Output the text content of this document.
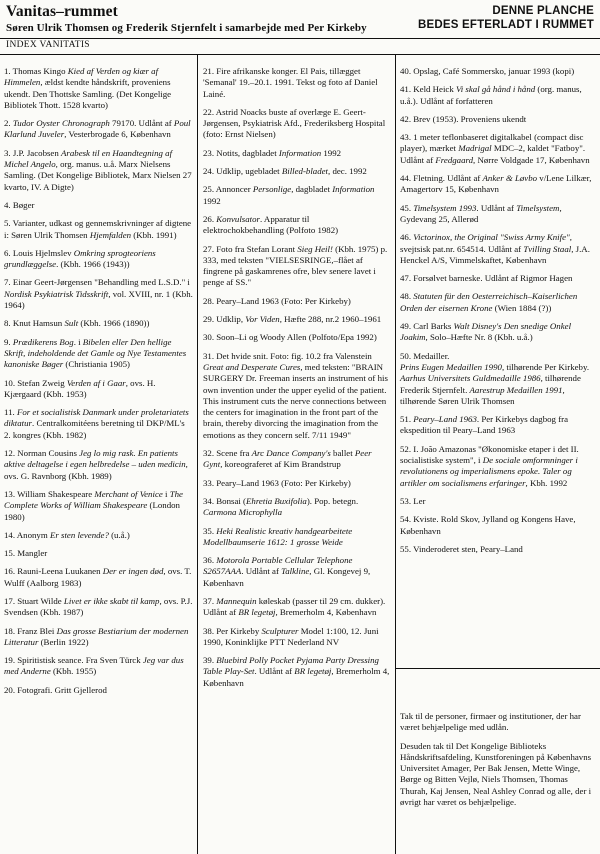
Vanitas–rummet
Søren Ulrik Thomsen og Frederik Stjernfelt i samarbejde med Per Kirkeby
DENNE PLANCHE
BEDES EFTERLADT I RUMMET
INDEX VANITATIS
1. Thomas Kingo Kied af Verden og kiær af Himmelen, ældst kendte håndskrift, proveniens ukendt. Den Thottske Samling. (Det Kongelige Bibliotek Thott. 1528 kvarto)
2. Tudor Oyster Chronograph 79170. Udlånt af Poul Klarlund Juveler, Vesterbrogade 6, København
3. J.P. Jacobsen Arabesk til en Haandtegning af Michel Angelo, org. manus. u.å. Marx Nielsens Samling. (Det Kongelige Bibliotek, Marx Nielsen 27 kvarto, IV. A Digte)
4. Bøger
5. Varianter, udkast og gennemskrivninger af digtene i: Søren Ulrik Thomsen Hjemfalden (Kbh. 1991)
6. Louis Hjelmslev Omkring sprogteoriens grundlæggelse. (Kbh. 1966 (1943))
7. Einar Geert-Jørgensen "Behandling med L.S.D." i Nordisk Psykiatrisk Tidsskrift, vol. XVIII, nr. 1 (Kbh. 1964)
8. Knut Hamsun Sult (Kbh. 1966 (1890))
9. Prædikerens Bog. i Bibelen eller Den hellige Skrift, indeholdende det Gamle og Nye Testamentes kanoniske Bøger (Christiania 1905)
10. Stefan Zweig Verden af i Gaar, ovs. H. Kjærgaard (Kbh. 1953)
11. For et socialistisk Danmark under proletariatets diktatur. Centralkomitéens beretning til DKP/ML's 2. kongres (Kbh. 1982)
12. Norman Cousins Jeg lo mig rask. En patients aktive deltagelse i egen helbredelse – uden medicin, ovs. G. Ravnborg (Kbh. 1989)
13. William Shakespeare Merchant of Venice i The Complete Works of William Shakespeare (London 1980)
14. Anonym Er sten levende? (u.å.)
15. Mangler
16. Rauni-Leena Luukanen Der er ingen død, ovs. T. Wulff (Aalborg 1983)
17. Stuart Wilde Livet er ikke skabt til kamp, ovs. P.J. Svendsen (Kbh. 1987)
18. Franz Blei Das grosse Bestiarium der modernen Litteratur (Berlin 1922)
19. Spiritistisk seance. Fra Sven Türck Jeg var dus med Anderne (Kbh. 1955)
20. Fotografi. Gritt Gjellerod
21. Fire afrikanske konger. El Pais, tillægget 'Semanal' 19.–20.1. 1991. Tekst og foto af Daniel Lainé.
22. Astrid Noacks buste af overlæge E. Geert-Jørgensen, Psykiatrisk Afd., Frederiksberg Hospital (foto: Ernst Nielsen)
23. Notits, dagbladet Information 1992
24. Udklip, ugebladet Billed-bladet, dec. 1992
25. Annoncer Personlige, dagbladet Information 1992
26. Konvulsator. Apparatur til elektrochokbehandling (Polfoto 1982)
27. Foto fra Stefan Lorant Sieg Heil! (Kbh. 1975) p. 333, med teksten "VIELSESRINGE,–flået af fingrene på gaskamrenes ofre, blev senere lavet i penge af SS."
28. Peary–Land 1963 (Foto: Per Kirkeby)
29. Udklip, Vor Viden, Hæfte 288, nr.2 1960–1961
30. Soon–Li og Woody Allen (Polfoto/Epa 1992)
31. Det hvide snit. Foto: fig. 10.2 fra Valenstein Great and Desperate Cures, med teksten: "BRAIN SURGERY Dr. Freeman inserts an instrument of his own invention under the upper eyelid of the patient. This instrument cuts the nerve connections between the centers for imagination in the front part of the brain, thereby divorcing the imagination from the emotions as they concern self. 7/11 1949"
32. Scene fra Arc Dance Company's ballet Peer Gynt, koreograferet af Kim Brandstrup
33. Peary–Land 1963 (Foto: Per Kirkeby)
34. Bonsai (Ehretia Buxifolia). Pop. betegn. Carmona Microphylla
35. Heki Realistic kreativ handgearbeitete Modellbaumserie 1612: 1 grosse Weide
36. Motorola Portable Cellular Telephone S2657AAA. Udlånt af Talkline, Gl. Kongevej 9, København
37. Mannequin køleskab (passer til 29 cm. dukker). Udlånt af BR legetøj, Bremerholm 4, København
38. Per Kirkeby Sculpturer Model 1:100, 12. Juni 1990, Koninklijke PTT Nederland NV
39. Bluebird Polly Pocket Pyjama Party Dressing Table Play-Set. Udlånt af BR legetøj, Bremerholm 4, København
40. Opslag, Café Sommersko, januar 1993 (kopi)
41. Keld Heick Vi skal gå hånd i hånd (org. manus, u.å.). Udlånt af forfatteren
42. Brev (1953). Proveniens ukendt
43. 1 meter teflonbaseret digitalkabel (compact disc player), mærket Madrigal MDC–2, kaldet "Fatboy". Udlånt af Fredgaard, Nørre Voldgade 17, København
44. Fletning. Udlånt af Anker & Løvbo v/Lene Lilkær, Amagertorv 15, København
45. Timelsystem 1993. Udlånt af Timelsystem, Gydevang 25, Allerød
46. Victorinox, the Original "Swiss Army Knife", svejtsisk pat.nr. 654514. Udlånt af Tvilling Staal, J.A. Henckel A/S, Vimmelskaftet, København
47. Forsølvet barneske. Udlånt af Rigmor Hagen
48. Statuten für den Oesterreichisch–Kaiserlichen Orden der eisernen Krone (Wien 1884 (?))
49. Carl Barks Walt Disney's Den snedige Onkel Joakim, Solo–Hæfte Nr. 8 (Kbh. u.å.)
50. Medailler.
Prins Eugen Medaillen 1990, tilhørende Per Kirkeby. Aarhus Universitets Guldmedaille 1986, tilhørende Frederik Stjernfelt. Aarestrup Medaillen 1991, tilhørende Søren Ulrik Thomsen
51. Peary–Land 1963. Per Kirkebys dagbog fra ekspedition til Peary–Land 1963
52. I. João Amazonas "Økonomiske etaper i det II. socialistiske system", i De sociale omformninger i revolutionens og imperialismens epoke. Taler og artikler om socialismens erfaringer, Kbh. 1992
53. Ler
54. Kviste. Rold Skov, Jylland og Kongens Have, København
55. Vinderoderet sten, Peary–Land

Tak til de personer, firmaer og institutioner, der har været behjælpelige med udlån.

Desuden tak til Det Kongelige Biblioteks Håndskriftsafdeling, Kunstforeningen på Københavns Universitet Amager, Per Bak Jensen, Mette Winge, Børge og Bitten Vejlø, Niels Thomsen, Thomas Thurah, Kaj Jensen, Neal Ashley Conrad og alle, der i øvrigt har været os behjælpelige.
